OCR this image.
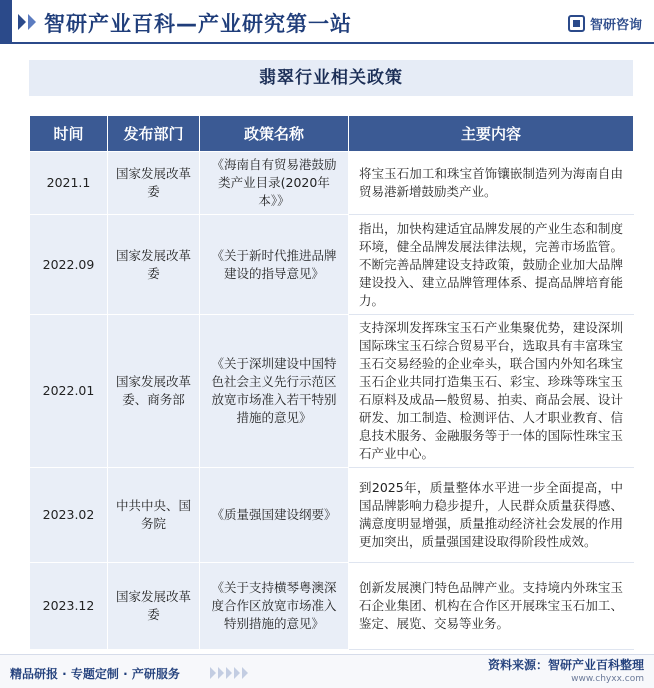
智研产业百科—产业研究第一站	智研咨询
翡翠行业相关政策
时间	发布部门	政策名称	主要内容
2021.1	国家发展改革委	《海南自有贸易港鼓励类产业目录(2020年本》》	将宝玉石加工和珠宝首饰镶嵌制造列为海南自由贸易港新增鼓励类产业。
2022.09	国家发展改革委	《关于新时代推进品牌建设的指导意见》	指出，加快构建适宜品牌发展的产业生态和制度环境，健全品牌发展法律法规，完善市场监管。不断完善品牌建设支持政策，鼓励企业加大品牌建设投入、建立品牌管理体系、提高品牌培育能力。
2022.01	国家发展改革委、商务部	《关于深圳建设中国特色社会主义先行示范区放宽市场准入若干特别措施的意见》	支持深圳发挥珠宝玉石产业集聚优势，建设深圳国际珠宝玉石综合贸易平台，选取具有丰富珠宝玉石交易经验的企业牵头，联合国内外知名珠宝玉石企业共同打造集玉石、彩宝、珍珠等珠宝玉石原料及成品—般贸易、拍卖、商品会展、设计研发、加工制造、检测评估、人才职业教育、信息技术服务、金融服务等于一体的国际性珠宝玉石产业中心。
2023.02	中共中央、国务院	《质量强国建设纲要》	到2025年，质量整体水平进一步全面提高，中国品牌影响力稳步提升，人民群众质量获得感、满意度明显增强，质量推动经济社会发展的作用更加突出，质量强国建设取得阶段性成效。
2023.12	国家发展改革委	《关于支持横琴粤澳深度合作区放宽市场准入特别措施的意见》	创新发展澳门特色品牌产业。支持境内外珠宝玉石企业集团、机构在合作区开展珠宝玉石加工、鉴定、展览、交易等业务。
精品研报 · 专题定制 · 产研服务
资料来源：智研产业百科整理
www.chyxx.com
